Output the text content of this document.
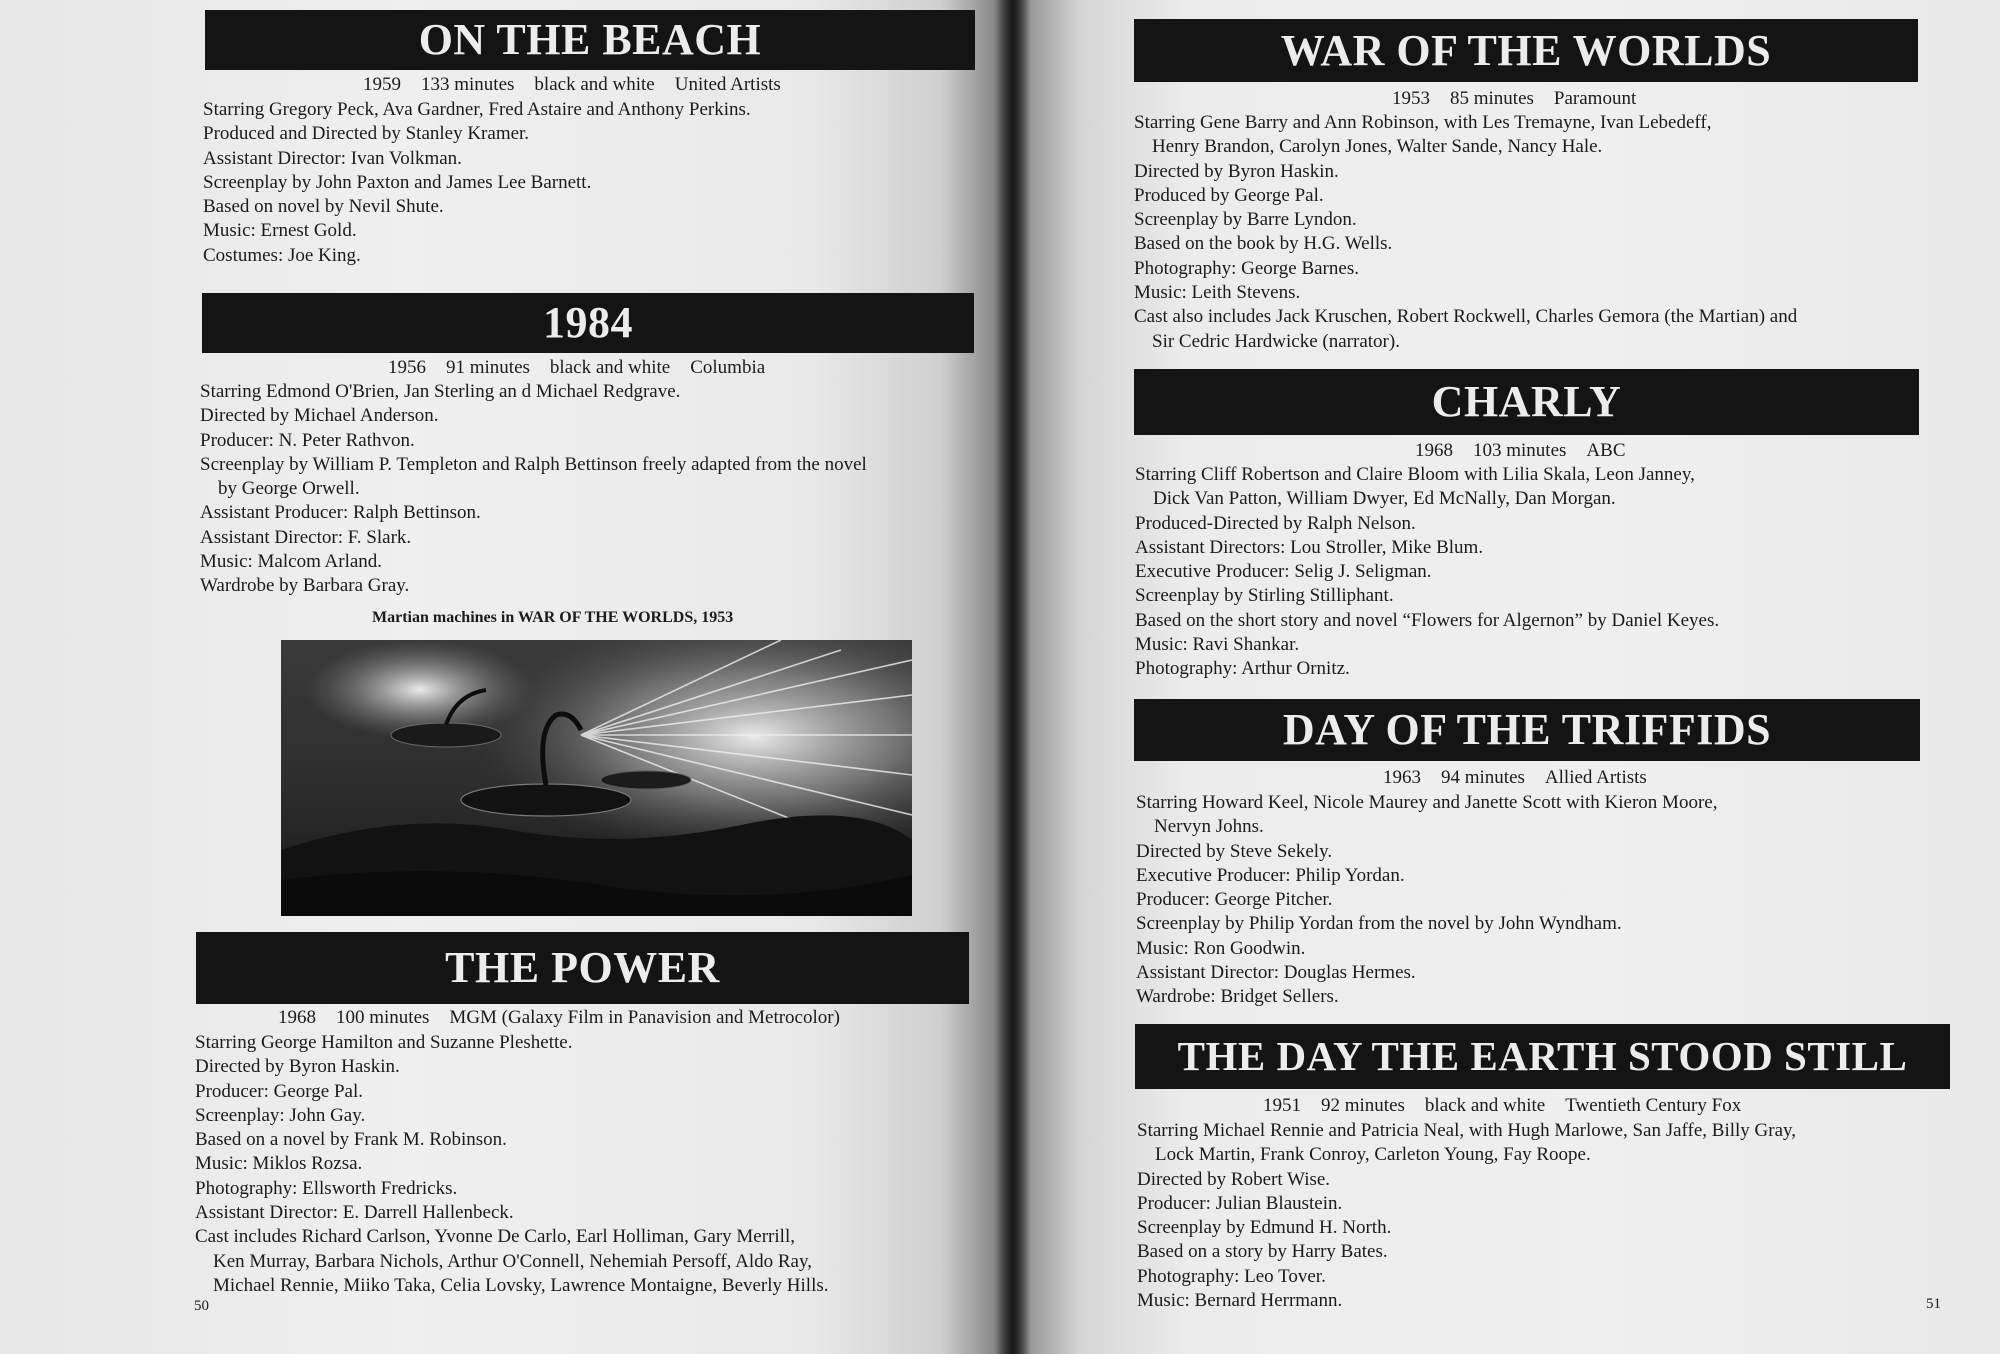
ON THE BEACH
1959 133 minutes black and white United Artists
Starring Gregory Peck, Ava Gardner, Fred Astaire and Anthony Perkins.
Produced and Directed by Stanley Kramer.
Assistant Director: Ivan Volkman.
Screenplay by John Paxton and James Lee Barnett.
Based on novel by Nevil Shute.
Music: Ernest Gold.
Costumes: Joe King.
1984
1956 91 minutes black and white Columbia
Starring Edmond O'Brien, Jan Sterling an d Michael Redgrave.
Directed by Michael Anderson.
Producer: N. Peter Rathvon.
Screenplay by William P. Templeton and Ralph Bettinson freely adapted from the novel
by George Orwell.
Assistant Producer: Ralph Bettinson.
Assistant Director: F. Slark.
Music: Malcom Arland.
Wardrobe by Barbara Gray.
Martian machines in WAR OF THE WORLDS, 1953
THE POWER
1968 100 minutes MGM (Galaxy Film in Panavision and Metrocolor)
Starring George Hamilton and Suzanne Pleshette.
Directed by Byron Haskin.
Producer: George Pal.
Screenplay: John Gay.
Based on a novel by Frank M. Robinson.
Music: Miklos Rozsa.
Photography: Ellsworth Fredricks.
Assistant Director: E. Darrell Hallenbeck.
Cast includes Richard Carlson, Yvonne De Carlo, Earl Holliman, Gary Merrill,
Ken Murray, Barbara Nichols, Arthur O'Connell, Nehemiah Persoff, Aldo Ray,
Michael Rennie, Miiko Taka, Celia Lovsky, Lawrence Montaigne, Beverly Hills.
50
WAR OF THE WORLDS
1953 85 minutes Paramount
Starring Gene Barry and Ann Robinson, with Les Tremayne, Ivan Lebedeff,
Henry Brandon, Carolyn Jones, Walter Sande, Nancy Hale.
Directed by Byron Haskin.
Produced by George Pal.
Screenplay by Barre Lyndon.
Based on the book by H.G. Wells.
Photography: George Barnes.
Music: Leith Stevens.
Cast also includes Jack Kruschen, Robert Rockwell, Charles Gemora (the Martian) and
Sir Cedric Hardwicke (narrator).
CHARLY
1968 103 minutes ABC
Starring Cliff Robertson and Claire Bloom with Lilia Skala, Leon Janney,
Dick Van Patton, William Dwyer, Ed McNally, Dan Morgan.
Produced-Directed by Ralph Nelson.
Assistant Directors: Lou Stroller, Mike Blum.
Executive Producer: Selig J. Seligman.
Screenplay by Stirling Stilliphant.
Based on the short story and novel “Flowers for Algernon” by Daniel Keyes.
Music: Ravi Shankar.
Photography: Arthur Ornitz.
DAY OF THE TRIFFIDS
1963 94 minutes Allied Artists
Starring Howard Keel, Nicole Maurey and Janette Scott with Kieron Moore,
Nervyn Johns.
Directed by Steve Sekely.
Executive Producer: Philip Yordan.
Producer: George Pitcher.
Screenplay by Philip Yordan from the novel by John Wyndham.
Music: Ron Goodwin.
Assistant Director: Douglas Hermes.
Wardrobe: Bridget Sellers.
THE DAY THE EARTH STOOD STILL
1951 92 minutes black and white Twentieth Century Fox
Starring Michael Rennie and Patricia Neal, with Hugh Marlowe, San Jaffe, Billy Gray,
Lock Martin, Frank Conroy, Carleton Young, Fay Roope.
Directed by Robert Wise.
Producer: Julian Blaustein.
Screenplay by Edmund H. North.
Based on a story by Harry Bates.
Photography: Leo Tover.
Music: Bernard Herrmann.	51
